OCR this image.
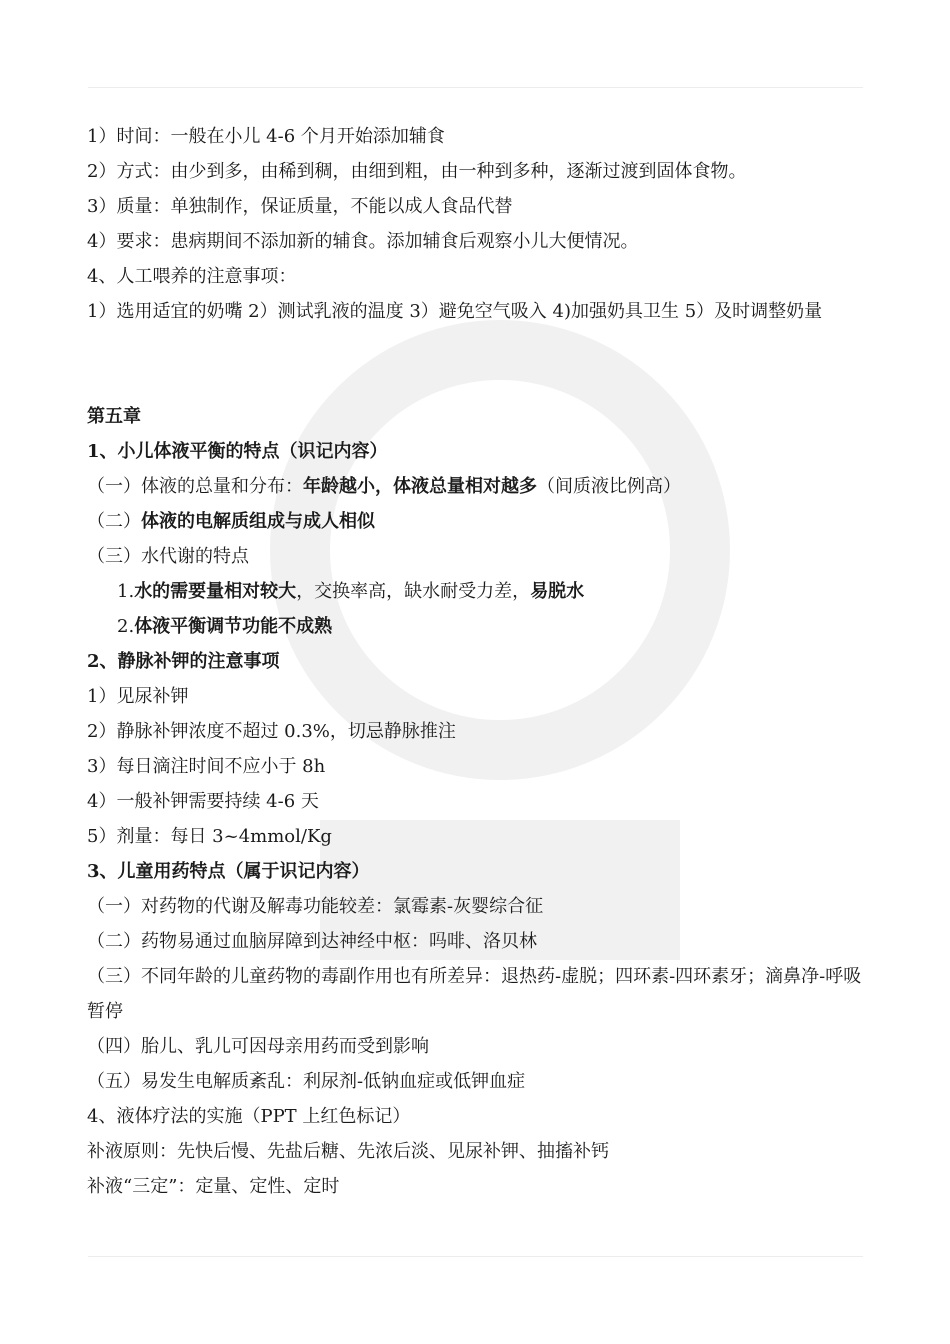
1）时间：一般在小儿 4-6 个月开始添加辅食
2）方式：由少到多，由稀到稠，由细到粗，由一种到多种，逐渐过渡到固体食物。
3）质量：单独制作，保证质量，不能以成人食品代替
4）要求：患病期间不添加新的辅食。添加辅食后观察小儿大便情况。
4、人工喂养的注意事项：
1）选用适宜的奶嘴 2）测试乳液的温度 3）避免空气吸入 4)加强奶具卫生 5）及时调整奶量
第五章
1、小儿体液平衡的特点（识记内容）
（一）体液的总量和分布：年龄越小，体液总量相对越多（间质液比例高）
（二）体液的电解质组成与成人相似
（三）水代谢的特点
1.水的需要量相对较大，交换率高，缺水耐受力差，易脱水
2.体液平衡调节功能不成熟
2、静脉补钾的注意事项
1）见尿补钾
2）静脉补钾浓度不超过 0.3%，切忌静脉推注
3）每日滴注时间不应小于 8h
4）一般补钾需要持续 4-6 天
5）剂量：每日 3~4mmol/Kg
3、儿童用药特点（属于识记内容）
（一）对药物的代谢及解毒功能较差：氯霉素-灰婴综合征
（二）药物易通过血脑屏障到达神经中枢：吗啡、洛贝林
（三）不同年龄的儿童药物的毒副作用也有所差异：退热药-虚脱；四环素-四环素牙；滴鼻净-呼吸暂停
（四）胎儿、乳儿可因母亲用药而受到影响
（五）易发生电解质紊乱：利尿剂-低钠血症或低钾血症
4、液体疗法的实施（PPT 上红色标记）
补液原则：先快后慢、先盐后糖、先浓后淡、见尿补钾、抽搐补钙
补液“三定”：定量、定性、定时
